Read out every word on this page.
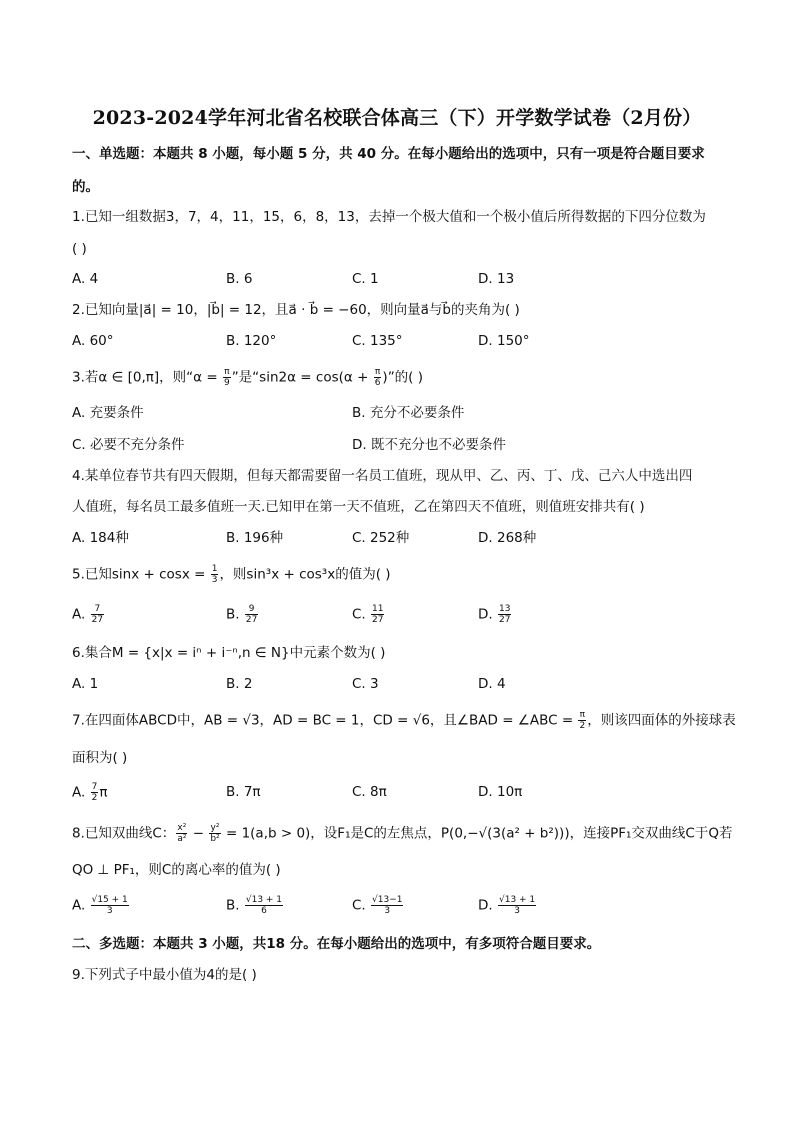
2023-2024学年河北省名校联合体高三（下）开学数学试卷（2月份）
一、单选题：本题共 8 小题，每小题 5 分，共 40 分。在每小题给出的选项中，只有一项是符合题目要求
的。
1.已知一组数据3，7，4，11，15，6，8，13，去掉一个极大值和一个极小值后所得数据的下四分位数为
( )
A. 4	B. 6	C. 1	D. 13
2.已知向量|a⃗| = 10，|b⃗| = 12，且a⃗ · b⃗ = −60，则向量a⃗与b⃗的夹角为( )
A. 60°	B. 120°	C. 135°	D. 150°
3.若α ∈ [0,π]，则“$\alpha = \frac{\pi}{9}$ ”是“$\sin 2\alpha = \cos(\alpha + \frac{\pi}{6}$ )”的( )
A. 充要条件	B. 充分不必要条件
C. 必要不充分条件	D. 既不充分也不必要条件
4.某单位春节共有四天假期，但每天都需要留一名员工值班，现从甲、乙、丙、丁、戊、己六人中选出四
人值班，每名员工最多值班一天.已知甲在第一天不值班，乙在第四天不值班，则值班安排共有( )
A. 184种	B. 196种	C. 252种	D. 268种
5.已知$\sin x + \cos x = \frac{1}{3}$ ，则sin³x + cos³x的值为( )
A. $\frac{7}{27}$	B. $\frac{9}{27}$	C. $\frac{11}{27}$	D. $\frac{13}{27}$
6.集合M = {x|x = iⁿ + i⁻ⁿ,n ∈ N}中元素个数为( )
A. 1	B. 2	C. 3	D. 4
7.在四面体ABCD中，AB = √3，AD = BC = 1，CD = √6，且∠BAD = ∠ABC = $\frac{\pi}{2}$ ，则该四面体的外接球表
面积为( )
A. $\frac{7}{2}$ π	B. 7π	C. 8π	D. 10π
8.已知双曲线C： $\frac{\text{x²}}{\text{a²}} - \frac{\text{y²}}{\text{b²}} = 1(a,b > 0)$，设F₁是C的左焦点，P(0,−√(3(a² + b²)))，连接PF₁交双曲线C于Q若
QO ⊥ PF₁，则C的离心率的值为( )
A. $\frac{√15 + 1}{3}$	B. $\frac{√13 + 1}{6}$	C. $\frac{√13-1}{3}$	D. $\frac{√13 + 1}{3}$
二、多选题：本题共 3 小题，共18 分。在每小题给出的选项中，有多项符合题目要求。
9.下列式子中最小值为4的是( )
